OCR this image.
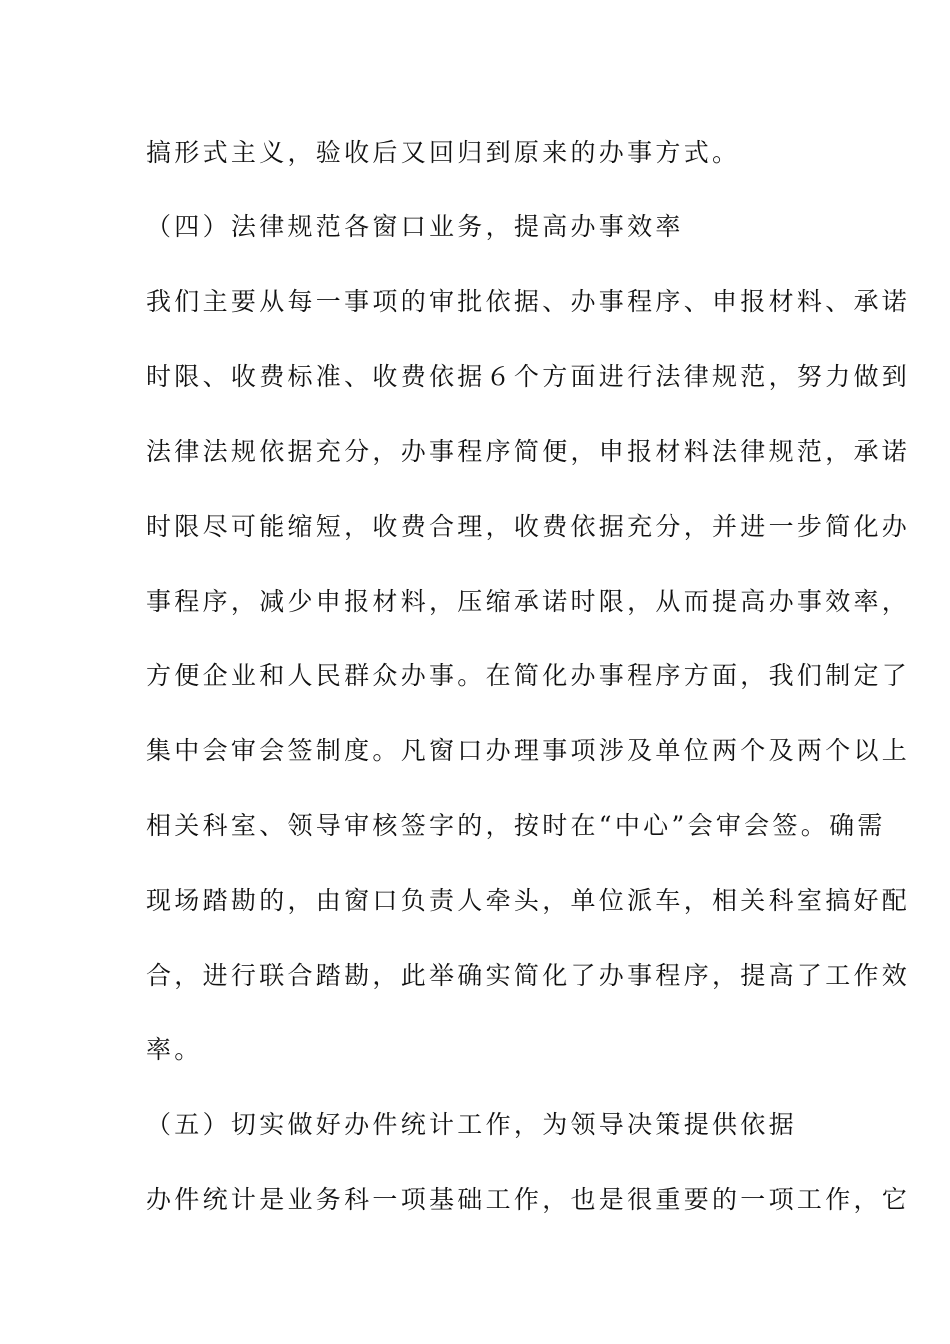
搞形式主义，验收后又回归到原来的办事方式。
（四）法律规范各窗口业务，提高办事效率
我们主要从每一事项的审批依据、办事程序、申报材料、承诺
时限、收费标准、收费依据６个方面进行法律规范，努力做到
法律法规依据充分，办事程序简便，申报材料法律规范，承诺
时限尽可能缩短，收费合理，收费依据充分，并进一步简化办
事程序，减少申报材料，压缩承诺时限，从而提高办事效率，
方便企业和人民群众办事。在简化办事程序方面，我们制定了
集中会审会签制度。凡窗口办理事项涉及单位两个及两个以上
相关科室、领导审核签字的，按时在“中心”会审会签。确需
现场踏勘的，由窗口负责人牵头，单位派车，相关科室搞好配
合，进行联合踏勘，此举确实简化了办事程序，提高了工作效
率。
（五）切实做好办件统计工作，为领导决策提供依据
办件统计是业务科一项基础工作，也是很重要的一项工作，它
